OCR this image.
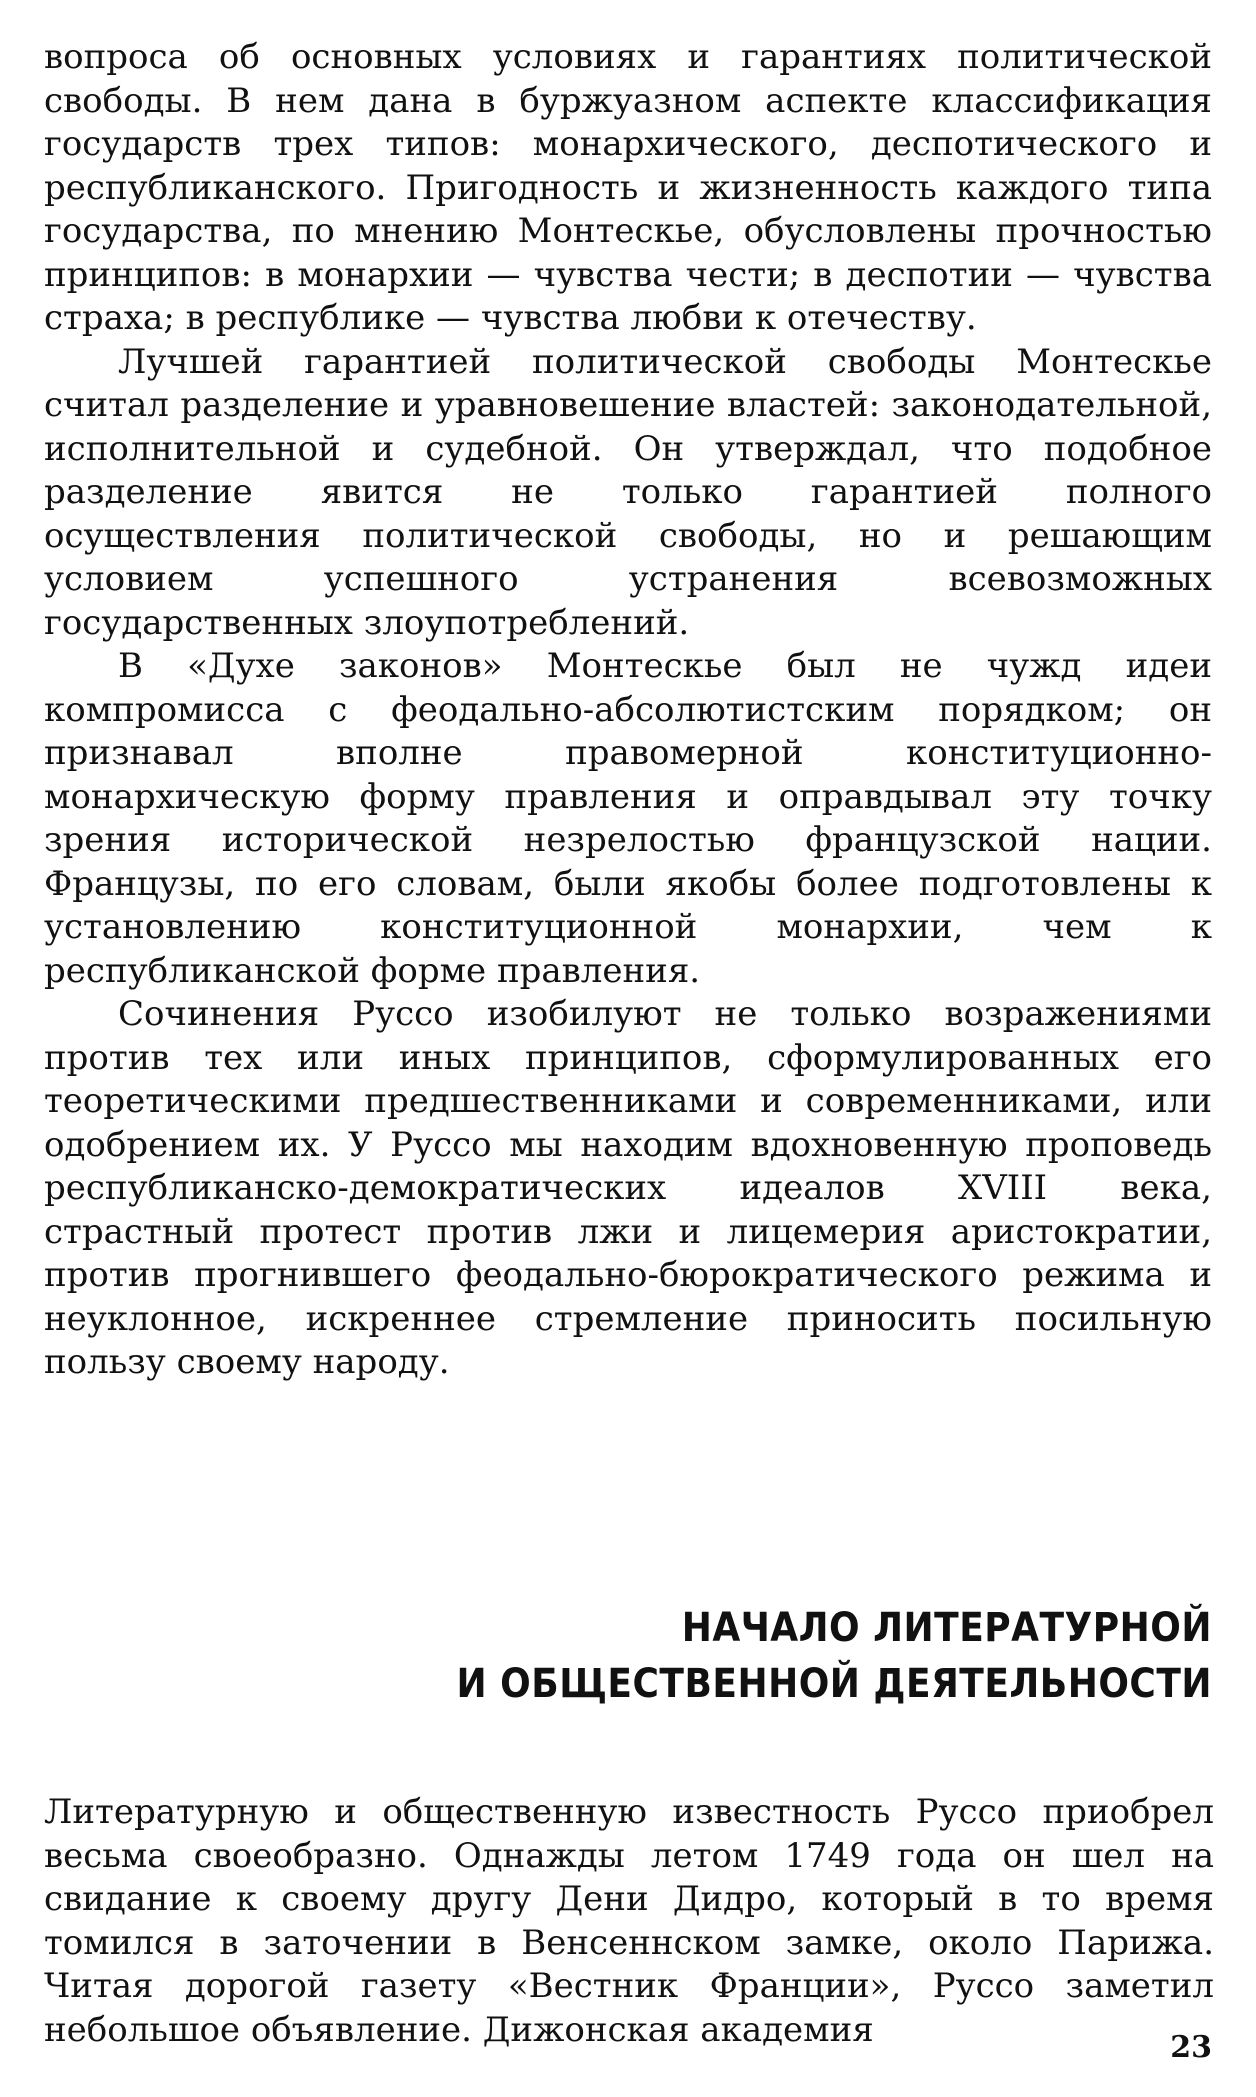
вопроса об основных условиях и гарантиях политической свободы. В нем дана в буржуазном аспекте классификация государств трех типов: монархического, деспотического и республиканского. Пригодность и жизненность каждого типа государства, по мнению Монтескье, обусловлены прочностью принципов: в монархии — чувства чести; в деспотии — чувства страха; в республике — чувства любви к отечеству.

Лучшей гарантией политической свободы Монтескье считал разделение и уравновешение властей: законодательной, исполнительной и судебной. Он утверждал, что подобное разделение явится не только гарантией полного осуществления политической свободы, но и решающим условием успешного устранения всевозможных государственных злоупотреблений.

В «Духе законов» Монтескье был не чужд идеи компромисса с феодально-абсолютистским порядком; он признавал вполне правомерной конституционно-монархическую форму правления и оправдывал эту точку зрения исторической незрелостью французской нации. Французы, по его словам, были якобы более подготовлены к установлению конституционной монархии, чем к республиканской форме правления.

Сочинения Руссо изобилуют не только возражениями против тех или иных принципов, сформулированных его теоретическими предшественниками и современниками, или одобрением их. У Руссо мы находим вдохновенную проповедь республиканско-демократических идеалов XVIII века, страстный протест против лжи и лицемерия аристократии, против прогнившего феодально-бюрократического режима и неуклонное, искреннее стремление приносить посильную пользу своему народу.

НАЧАЛО ЛИТЕРАТУРНОЙ
И ОБЩЕСТВЕННОЙ ДЕЯТЕЛЬНОСТИ

Литературную и общественную известность Руссо приобрел весьма своеобразно. Однажды летом 1749 года он шел на свидание к своему другу Дени Дидро, который в то время томился в заточении в Венсеннском замке, около Парижа. Читая дорогой газету «Вестник Франции», Руссо заметил небольшое объявление. Дижонская академия	23
